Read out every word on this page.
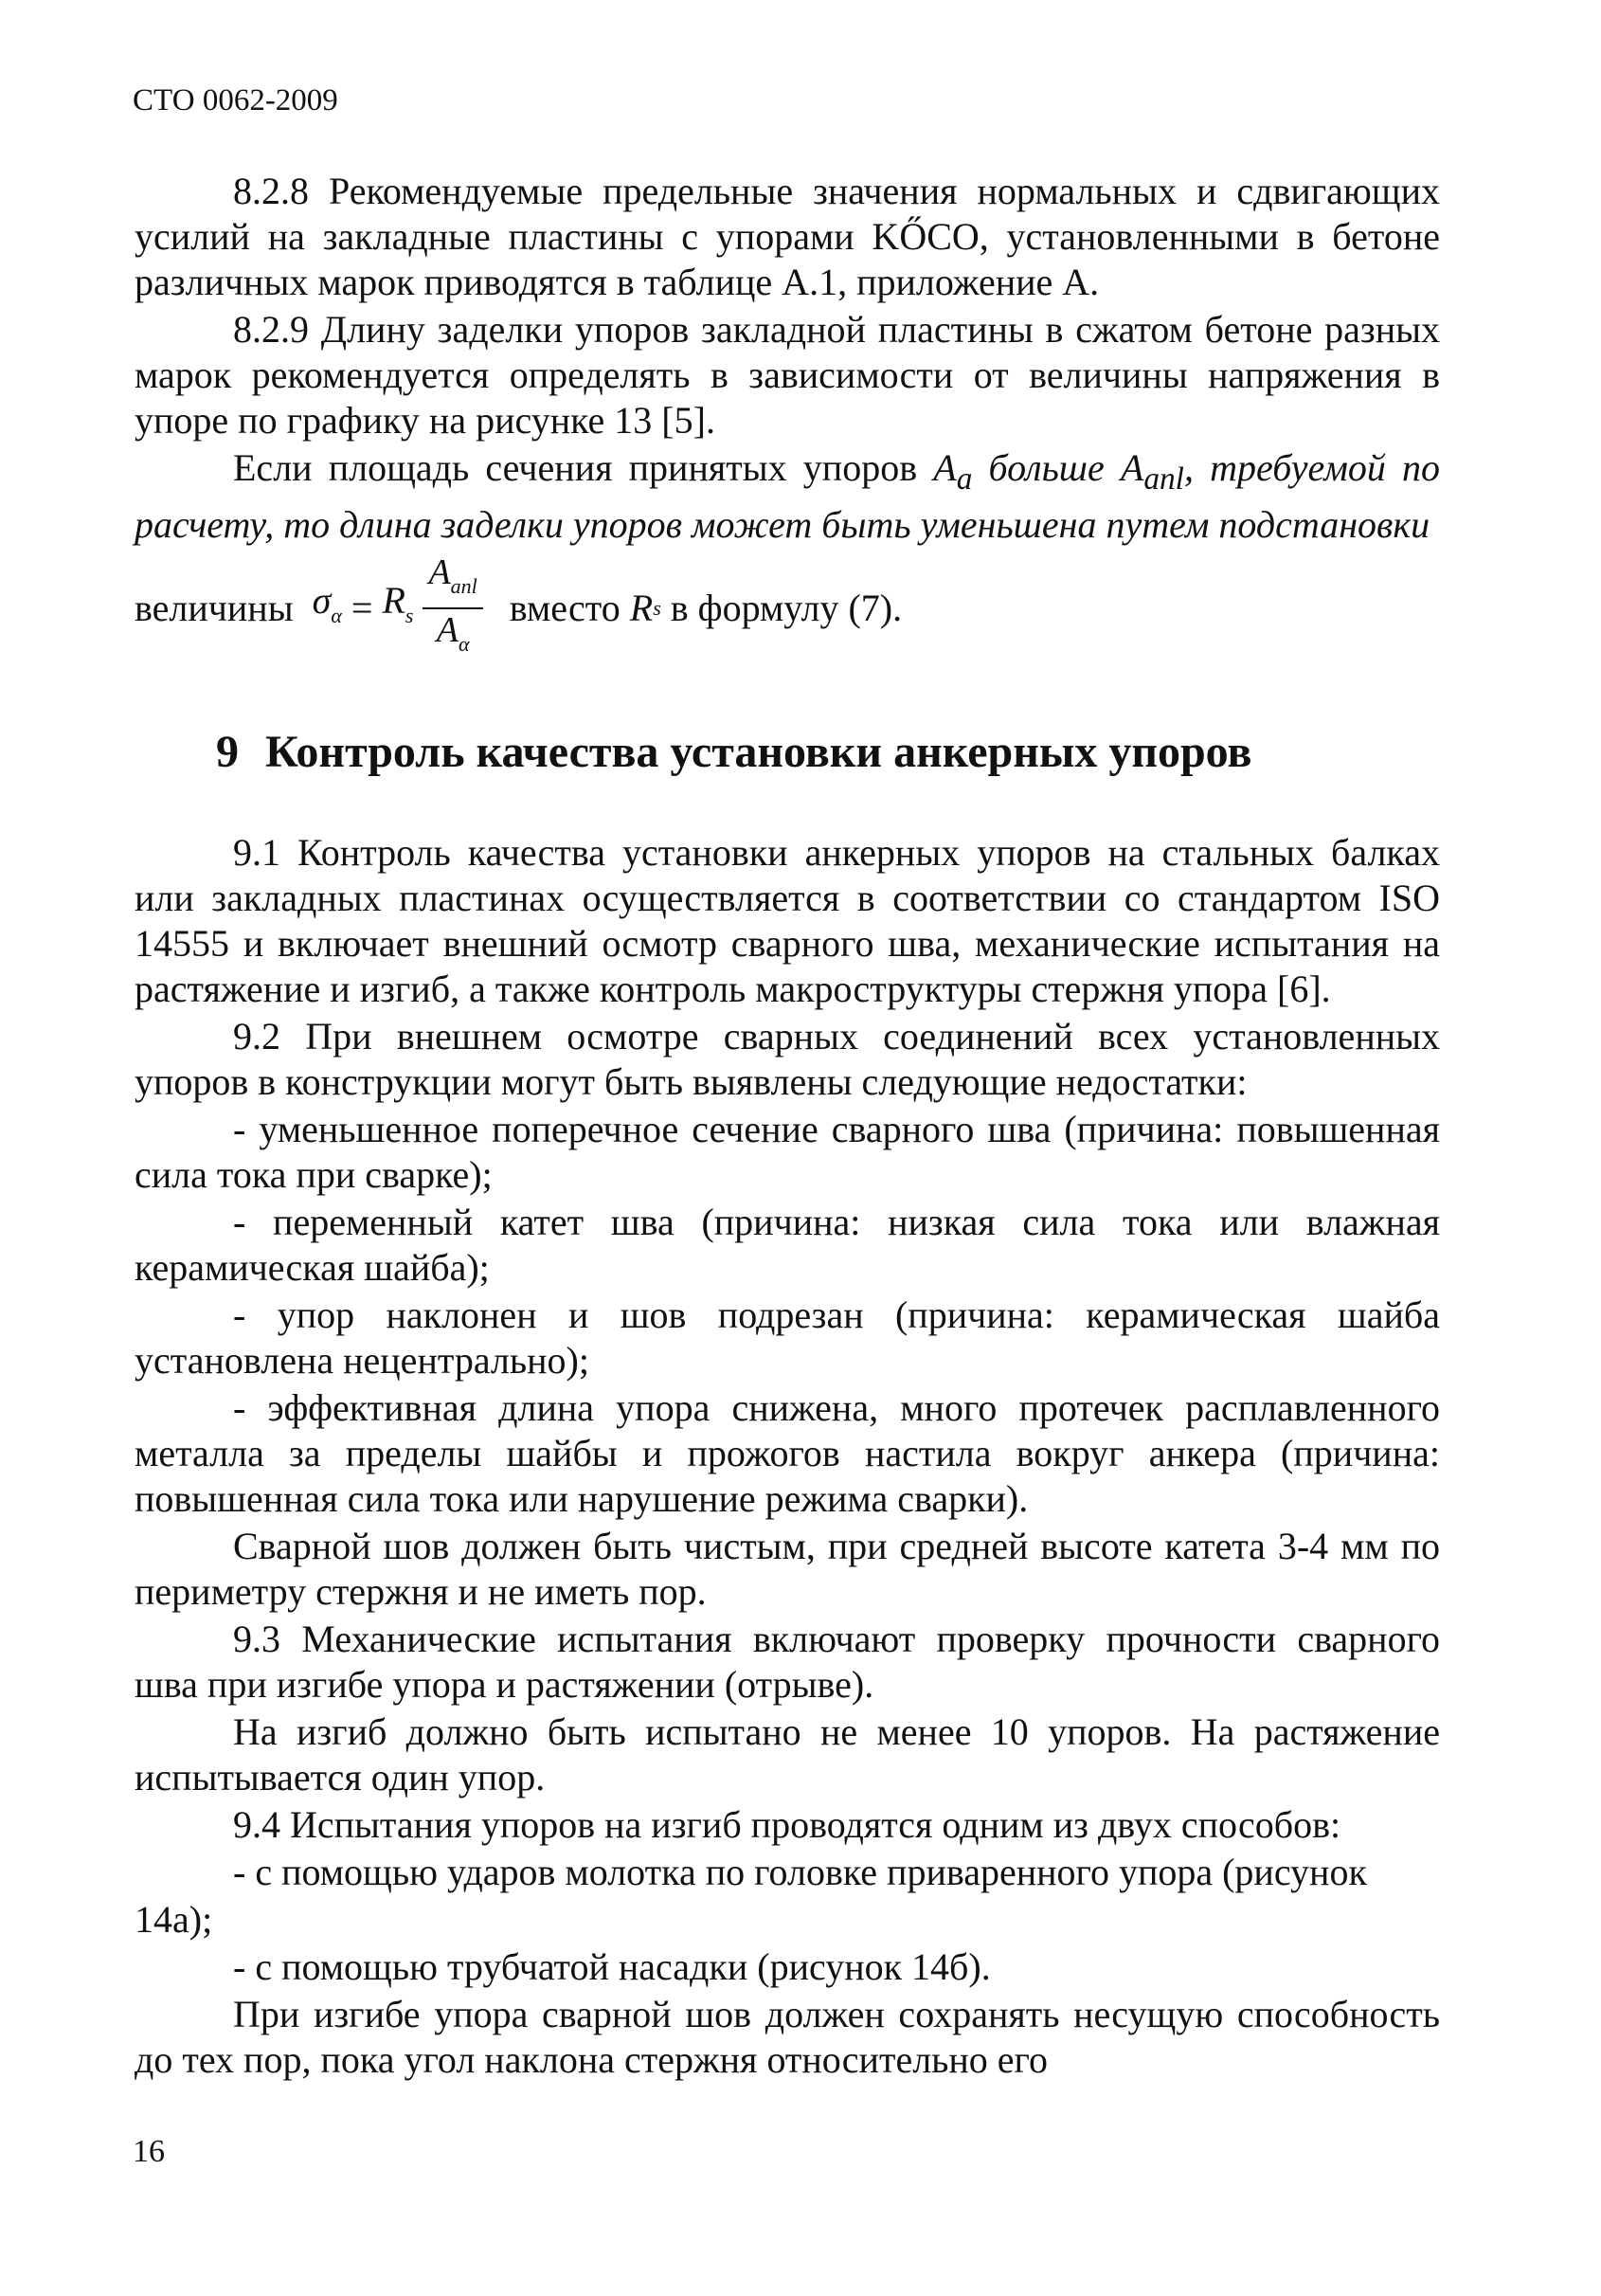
СТО 0062-2009

8.2.8 Рекомендуемые предельные значения нормальных и сдвигающих усилий на закладные пластины с упорами KŐCO, установленными в бетоне различных марок приводятся в таблице А.1, приложение А.

8.2.9 Длину заделки упоров закладной пластины в сжатом бетоне разных марок рекомендуется определять в зависимости от величины напряжения в упоре по графику на рисунке 13 [5].

Если площадь сечения принятых упоров $A_a$ больше $A_{anl}$, требуемой по расчету, то длина заделки упоров может быть уменьшена путем подстановки

величины $\sigma_\alpha = R_s \frac{A_{anl}}{A_\alpha}$ вместо R s в формулу (7).
9 Контроль качества установки анкерных упоров

9.1 Контроль качества установки анкерных упоров на стальных балках или закладных пластинах осуществляется в соответствии со стандартом ISO 14555 и включает внешний осмотр сварного шва, механические испытания на растяжение и изгиб, а также контроль макроструктуры стержня упора [6].

9.2 При внешнем осмотре сварных соединений всех установленных упоров в конструкции могут быть выявлены следующие недостатки:

- уменьшенное поперечное сечение сварного шва (причина: повышенная сила тока при сварке);

- переменный катет шва (причина: низкая сила тока или влажная керамическая шайба);

- упор наклонен и шов подрезан (причина: керамическая шайба установлена нецентрально);

- эффективная длина упора снижена, много протечек расплавленного металла за пределы шайбы и прожогов настила вокруг анкера (причина: повышенная сила тока или нарушение режима сварки).

Сварной шов должен быть чистым, при средней высоте катета 3-4 мм по периметру стержня и не иметь пор.

9.3 Механические испытания включают проверку прочности сварного шва при изгибе упора и растяжении (отрыве).

На изгиб должно быть испытано не менее 10 упоров. На растяжение испытывается один упор.

9.4 Испытания упоров на изгиб проводятся одним из двух способов:

- с помощью ударов молотка по головке приваренного упора (рисунок

14а);

- с помощью трубчатой насадки (рисунок 14б).

При изгибе упора сварной шов должен сохранять несущую способность до тех пор, пока угол наклона стержня относительно его

16
